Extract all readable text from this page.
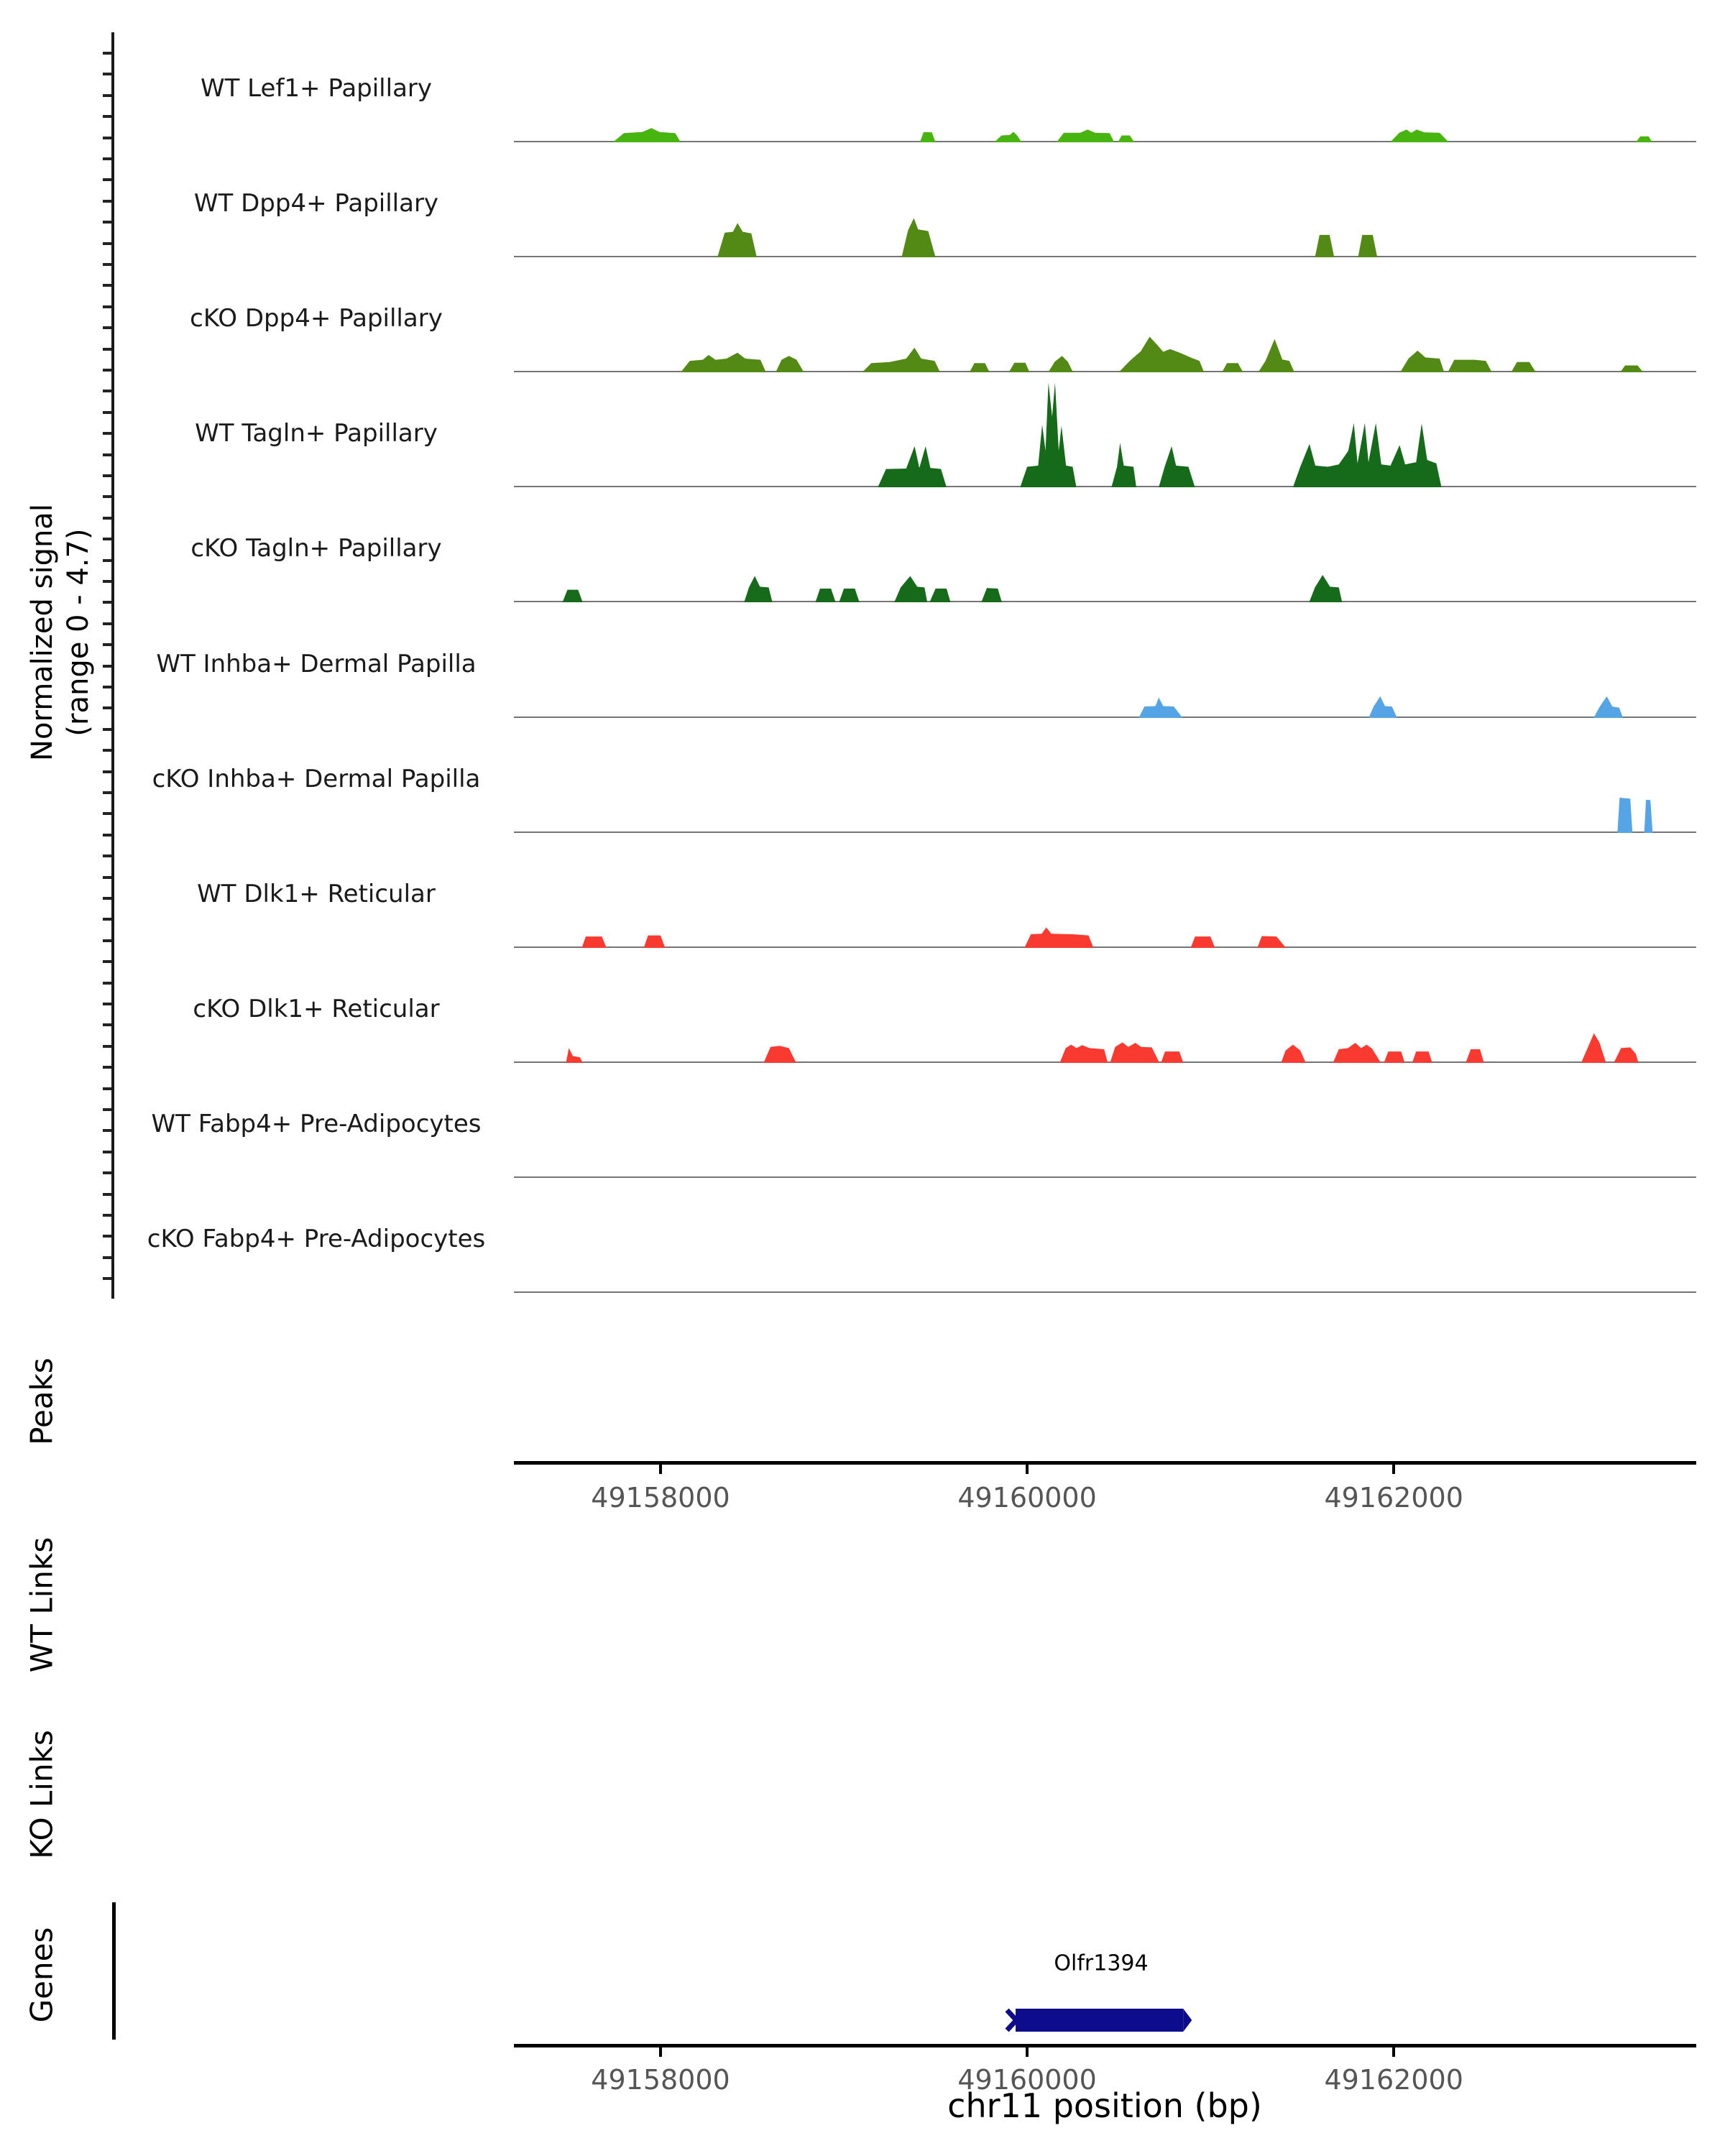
Normalized signal (range 0 - 4.7)
WT Lef1+ Papillary
WT Dpp4+ Papillary
cKO Dpp4+ Papillary
WT Tagln+ Papillary
cKO Tagln+ Papillary
WT Inhba+ Dermal Papilla
cKO Inhba+ Dermal Papilla
WT Dlk1+ Reticular
cKO Dlk1+ Reticular
WT Fabp4+ Pre-Adipocytes
cKO Fabp4+ Pre-Adipocytes
Peaks
WT Links
KO Links
Genes
49158000	49160000	49162000
Olfr1394
49158000	49160000	49162000
chr11 position (bp)
